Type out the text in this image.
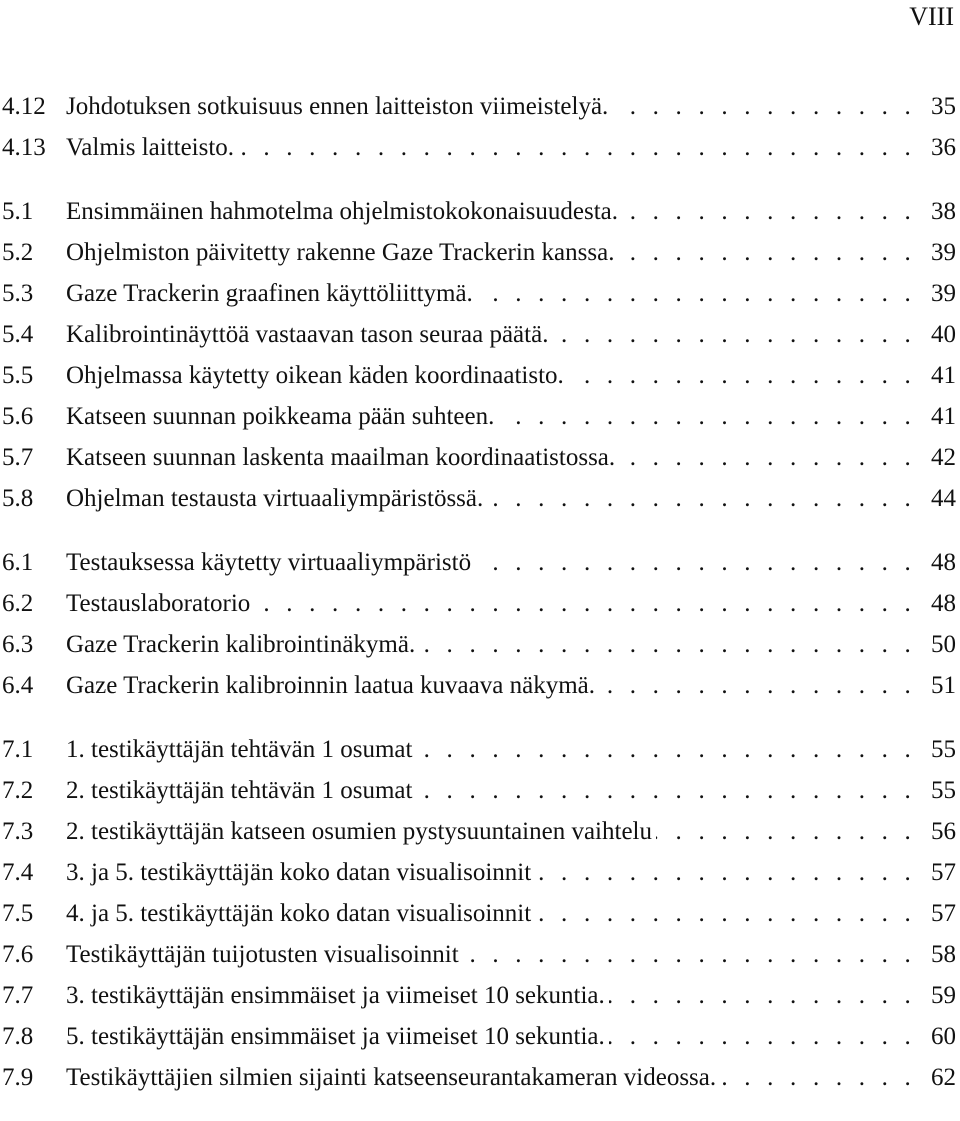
VIII
4.12 Johdotuksen sotkuisuus ennen laitteiston viimeistelyä. . . .	35
4.13 Valmis laitteisto. . . .	36
5.1	Ensimmäinen hahmotelma ohjelmistokokonaisuudesta. . . .	38
5.2	Ohjelmiston päivitetty rakenne Gaze Trackerin kanssa. . . .	39
5.3	Gaze Trackerin graafinen käyttöliittymä. . . .	39
5.4	Kalibrointinäyttöä vastaavan tason seuraa päätä. . . .	40
5.5	Ohjelmassa käytetty oikean käden koordinaatisto. . . .	41
5.6	Katseen suunnan poikkeama pään suhteen. . . .	41
5.7	Katseen suunnan laskenta maailman koordinaatistossa. . . .	42
5.8	Ohjelman testausta virtuaaliympäristössä. . . .	44
6.1	Testauksessa käytetty virtuaaliympäristö . . .	48
6.2	Testauslaboratorio . . .	48
6.3	Gaze Trackerin kalibrointinäkymä. . . .	50
6.4	Gaze Trackerin kalibroinnin laatua kuvaava näkymä. . . .	51
7.1	1. testikäyttäjän tehtävän 1 osumat . . .	55
7.2	2. testikäyttäjän tehtävän 1 osumat . . .	55
7.3	2. testikäyttäjän katseen osumien pystysuuntainen vaihtelu . . .	56
7.4	3. ja 5. testikäyttäjän koko datan visualisoinnit . . .	57
7.5	4. ja 5. testikäyttäjän koko datan visualisoinnit . . .	57
7.6	Testikäyttäjän tuijotusten visualisoinnit . . .	58
7.7	3. testikäyttäjän ensimmäiset ja viimeiset 10 sekuntia. . . .	59
7.8	5. testikäyttäjän ensimmäiset ja viimeiset 10 sekuntia. . . .	60
7.9	Testikäyttäjien silmien sijainti katseenseurantakameran videossa. . . .	62
